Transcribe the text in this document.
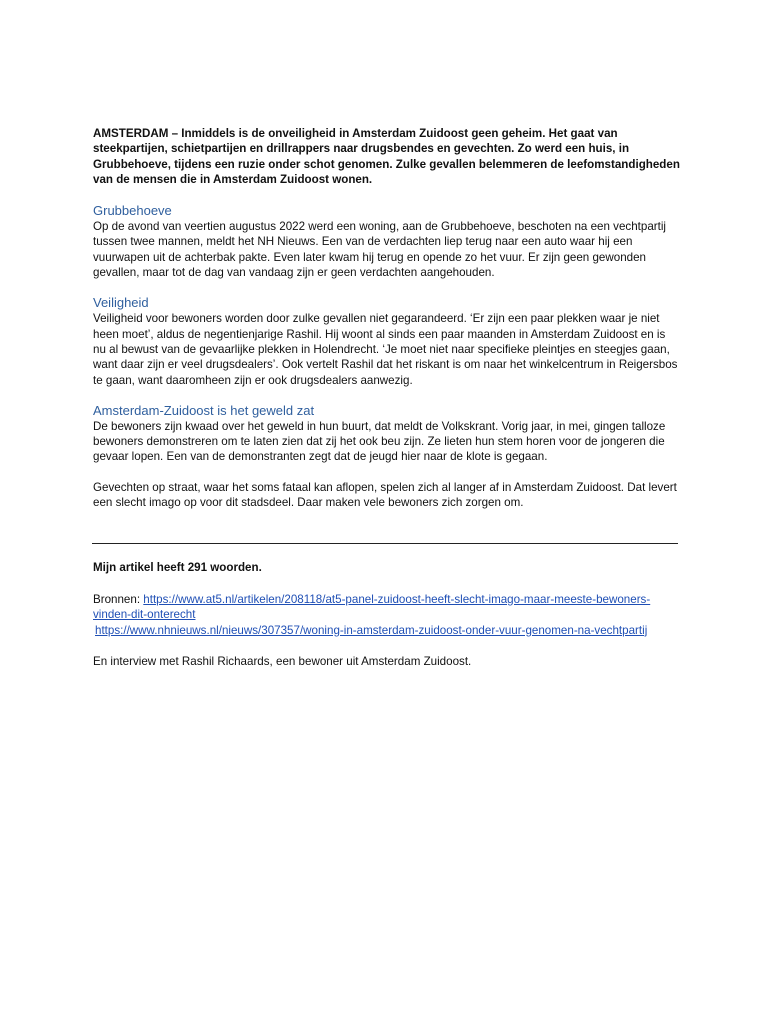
AMSTERDAM – Inmiddels is de onveiligheid in Amsterdam Zuidoost geen geheim. Het gaat van steekpartijen, schietpartijen en drillrappers naar drugsbendes en gevechten. Zo werd een huis, in Grubbehoeve, tijdens een ruzie onder schot genomen. Zulke gevallen belemmeren de leefomstandigheden van de mensen die in Amsterdam Zuidoost wonen.

Grubbehoeve

Op de avond van veertien augustus 2022 werd een woning, aan de Grubbehoeve, beschoten na een vechtpartij tussen twee mannen, meldt het NH Nieuws. Een van de verdachten liep terug naar een auto waar hij een vuurwapen uit de achterbak pakte. Even later kwam hij terug en opende zo het vuur. Er zijn geen gewonden gevallen, maar tot de dag van vandaag zijn er geen verdachten aangehouden.

Veiligheid

Veiligheid voor bewoners worden door zulke gevallen niet gegarandeerd. ‘Er zijn een paar plekken waar je niet heen moet’, aldus de negentienjarige Rashil. Hij woont al sinds een paar maanden in Amsterdam Zuidoost en is nu al bewust van de gevaarlijke plekken in Holendrecht. ‘Je moet niet naar specifieke pleintjes en steegjes gaan, want daar zijn er veel drugsdealers’. Ook vertelt Rashil dat het riskant is om naar het winkelcentrum in Reigersbos te gaan, want daaromheen zijn er ook drugsdealers aanwezig.

Amsterdam-Zuidoost is het geweld zat

De bewoners zijn kwaad over het geweld in hun buurt, dat meldt de Volkskrant. Vorig jaar, in mei, gingen talloze bewoners demonstreren om te laten zien dat zij het ook beu zijn. Ze lieten hun stem horen voor de jongeren die gevaar lopen. Een van de demonstranten zegt dat de jeugd hier naar de klote is gegaan.

Gevechten op straat, waar het soms fataal kan aflopen, spelen zich al langer af in Amsterdam Zuidoost. Dat levert een slecht imago op voor dit stadsdeel. Daar maken vele bewoners zich zorgen om.

Mijn artikel heeft 291 woorden.

Bronnen: https://www.at5.nl/artikelen/208118/at5-panel-zuidoost-heeft-slecht-imago-maar-meeste-bewoners-vinden-dit-onterecht
https://www.nhnieuws.nl/nieuws/307357/woning-in-amsterdam-zuidoost-onder-vuur-genomen-na-vechtpartij

En interview met Rashil Richaards, een bewoner uit Amsterdam Zuidoost.
